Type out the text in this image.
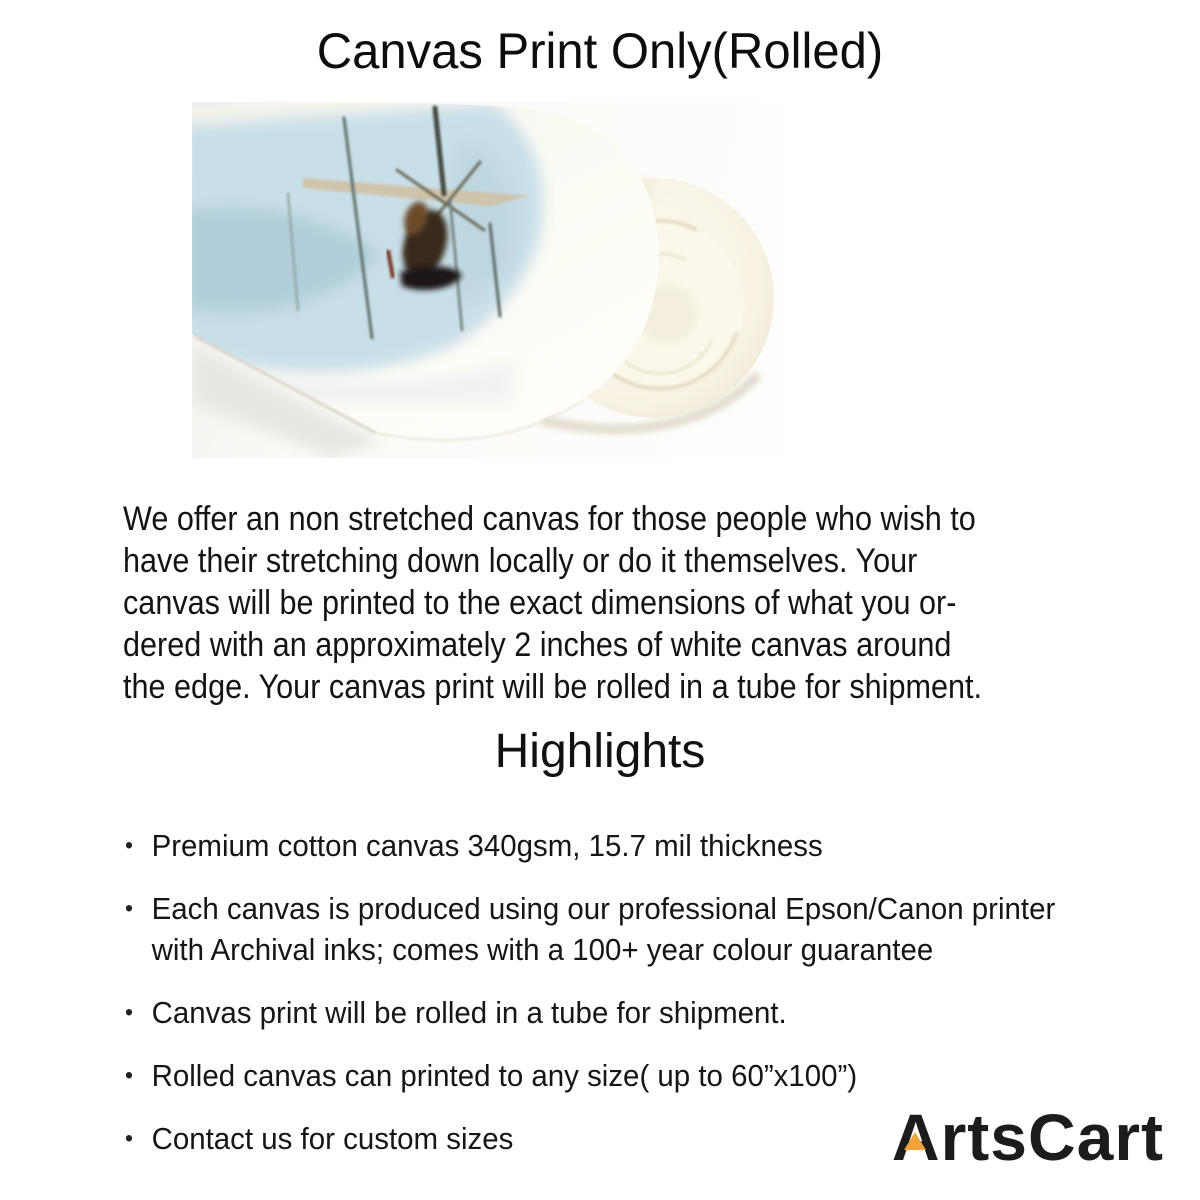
Canvas Print Only(Rolled)
We offer an non stretched canvas for those people who wish to
have their stretching down locally or do it themselves. Your
canvas will be printed to the exact dimensions of what you or-
dered with an approximately 2 inches of white canvas around
the edge. Your canvas print will be rolled in a tube for shipment.
Highlights
• Premium cotton canvas 340gsm, 15.7 mil thickness
• Each canvas is produced using our professional Epson/Canon printer with Archival inks; comes with a 100+ year colour guarantee
• Canvas print will be rolled in a tube for shipment.
• Rolled canvas can printed to any size( up to 60”x100”)
• Contact us for custom sizes	ArtsCart
